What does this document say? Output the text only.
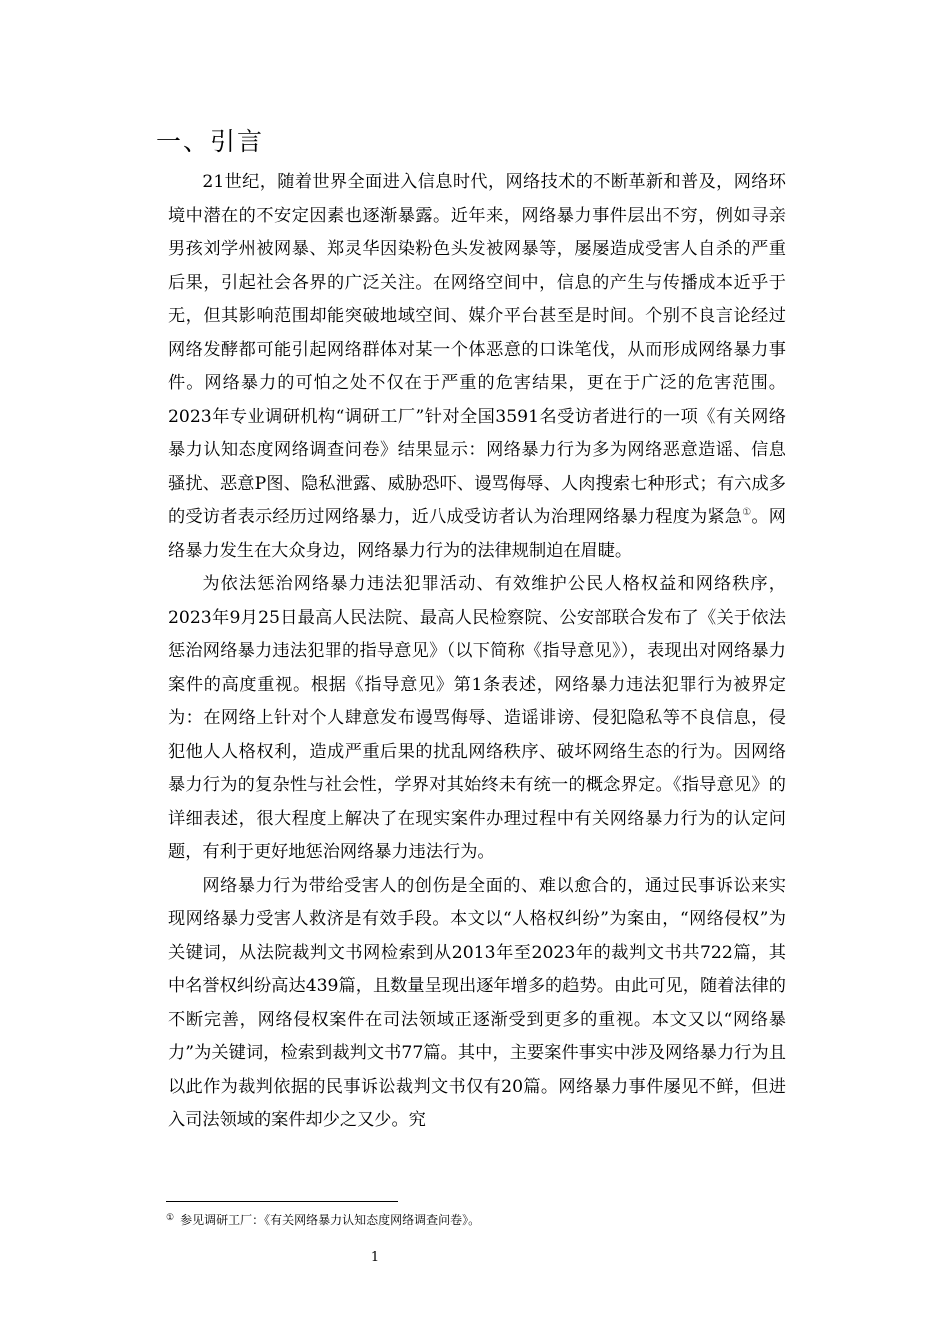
一、引言

21世纪，随着世界全面进入信息时代，网络技术的不断革新和普及，网络环境中潜在的不安定因素也逐渐暴露。近年来，网络暴力事件层出不穷，例如寻亲男孩刘学州被网暴、郑灵华因染粉色头发被网暴等，屡屡造成受害人自杀的严重后果，引起社会各界的广泛关注。在网络空间中，信息的产生与传播成本近乎于无，但其影响范围却能突破地域空间、媒介平台甚至是时间。个别不良言论经过网络发酵都可能引起网络群体对某一个体恶意的口诛笔伐，从而形成网络暴力事件。网络暴力的可怕之处不仅在于严重的危害结果，更在于广泛的危害范围。2023年专业调研机构“调研工厂”针对全国3591名受访者进行的一项《有关网络暴力认知态度网络调查问卷》结果显示：网络暴力行为多为网络恶意造谣、信息骚扰、恶意P图、隐私泄露、威胁恐吓、谩骂侮辱、人肉搜索七种形式；有六成多的受访者表示经历过网络暴力，近八成受访者认为治理网络暴力程度为紧急①。网络暴力发生在大众身边，网络暴力行为的法律规制迫在眉睫。

为依法惩治网络暴力违法犯罪活动、有效维护公民人格权益和网络秩序，2023年9月25日最高人民法院、最高人民检察院、公安部联合发布了《关于依法惩治网络暴力违法犯罪的指导意见》（以下简称《指导意见》），表现出对网络暴力案件的高度重视。根据《指导意见》第1条表述，网络暴力违法犯罪行为被界定为：在网络上针对个人肆意发布谩骂侮辱、造谣诽谤、侵犯隐私等不良信息，侵犯他人人格权利，造成严重后果的扰乱网络秩序、破坏网络生态的行为。因网络暴力行为的复杂性与社会性，学界对其始终未有统一的概念界定。《指导意见》的详细表述，很大程度上解决了在现实案件办理过程中有关网络暴力行为的认定问题，有利于更好地惩治网络暴力违法行为。

网络暴力行为带给受害人的创伤是全面的、难以愈合的，通过民事诉讼来实现网络暴力受害人救济是有效手段。本文以“人格权纠纷”为案由，“网络侵权”为关键词，从法院裁判文书网检索到从2013年至2023年的裁判文书共722篇，其中名誉权纠纷高达439篇，且数量呈现出逐年增多的趋势。由此可见，随着法律的不断完善，网络侵权案件在司法领域正逐渐受到更多的重视。本文又以“网络暴力”为关键词，检索到裁判文书77篇。其中，主要案件事实中涉及网络暴力行为且以此作为裁判依据的民事诉讼裁判文书仅有20篇。网络暴力事件屡见不鲜，但进入司法领域的案件却少之又少。究

① 参见调研工厂：《有关网络暴力认知态度网络调查问卷》。
1
